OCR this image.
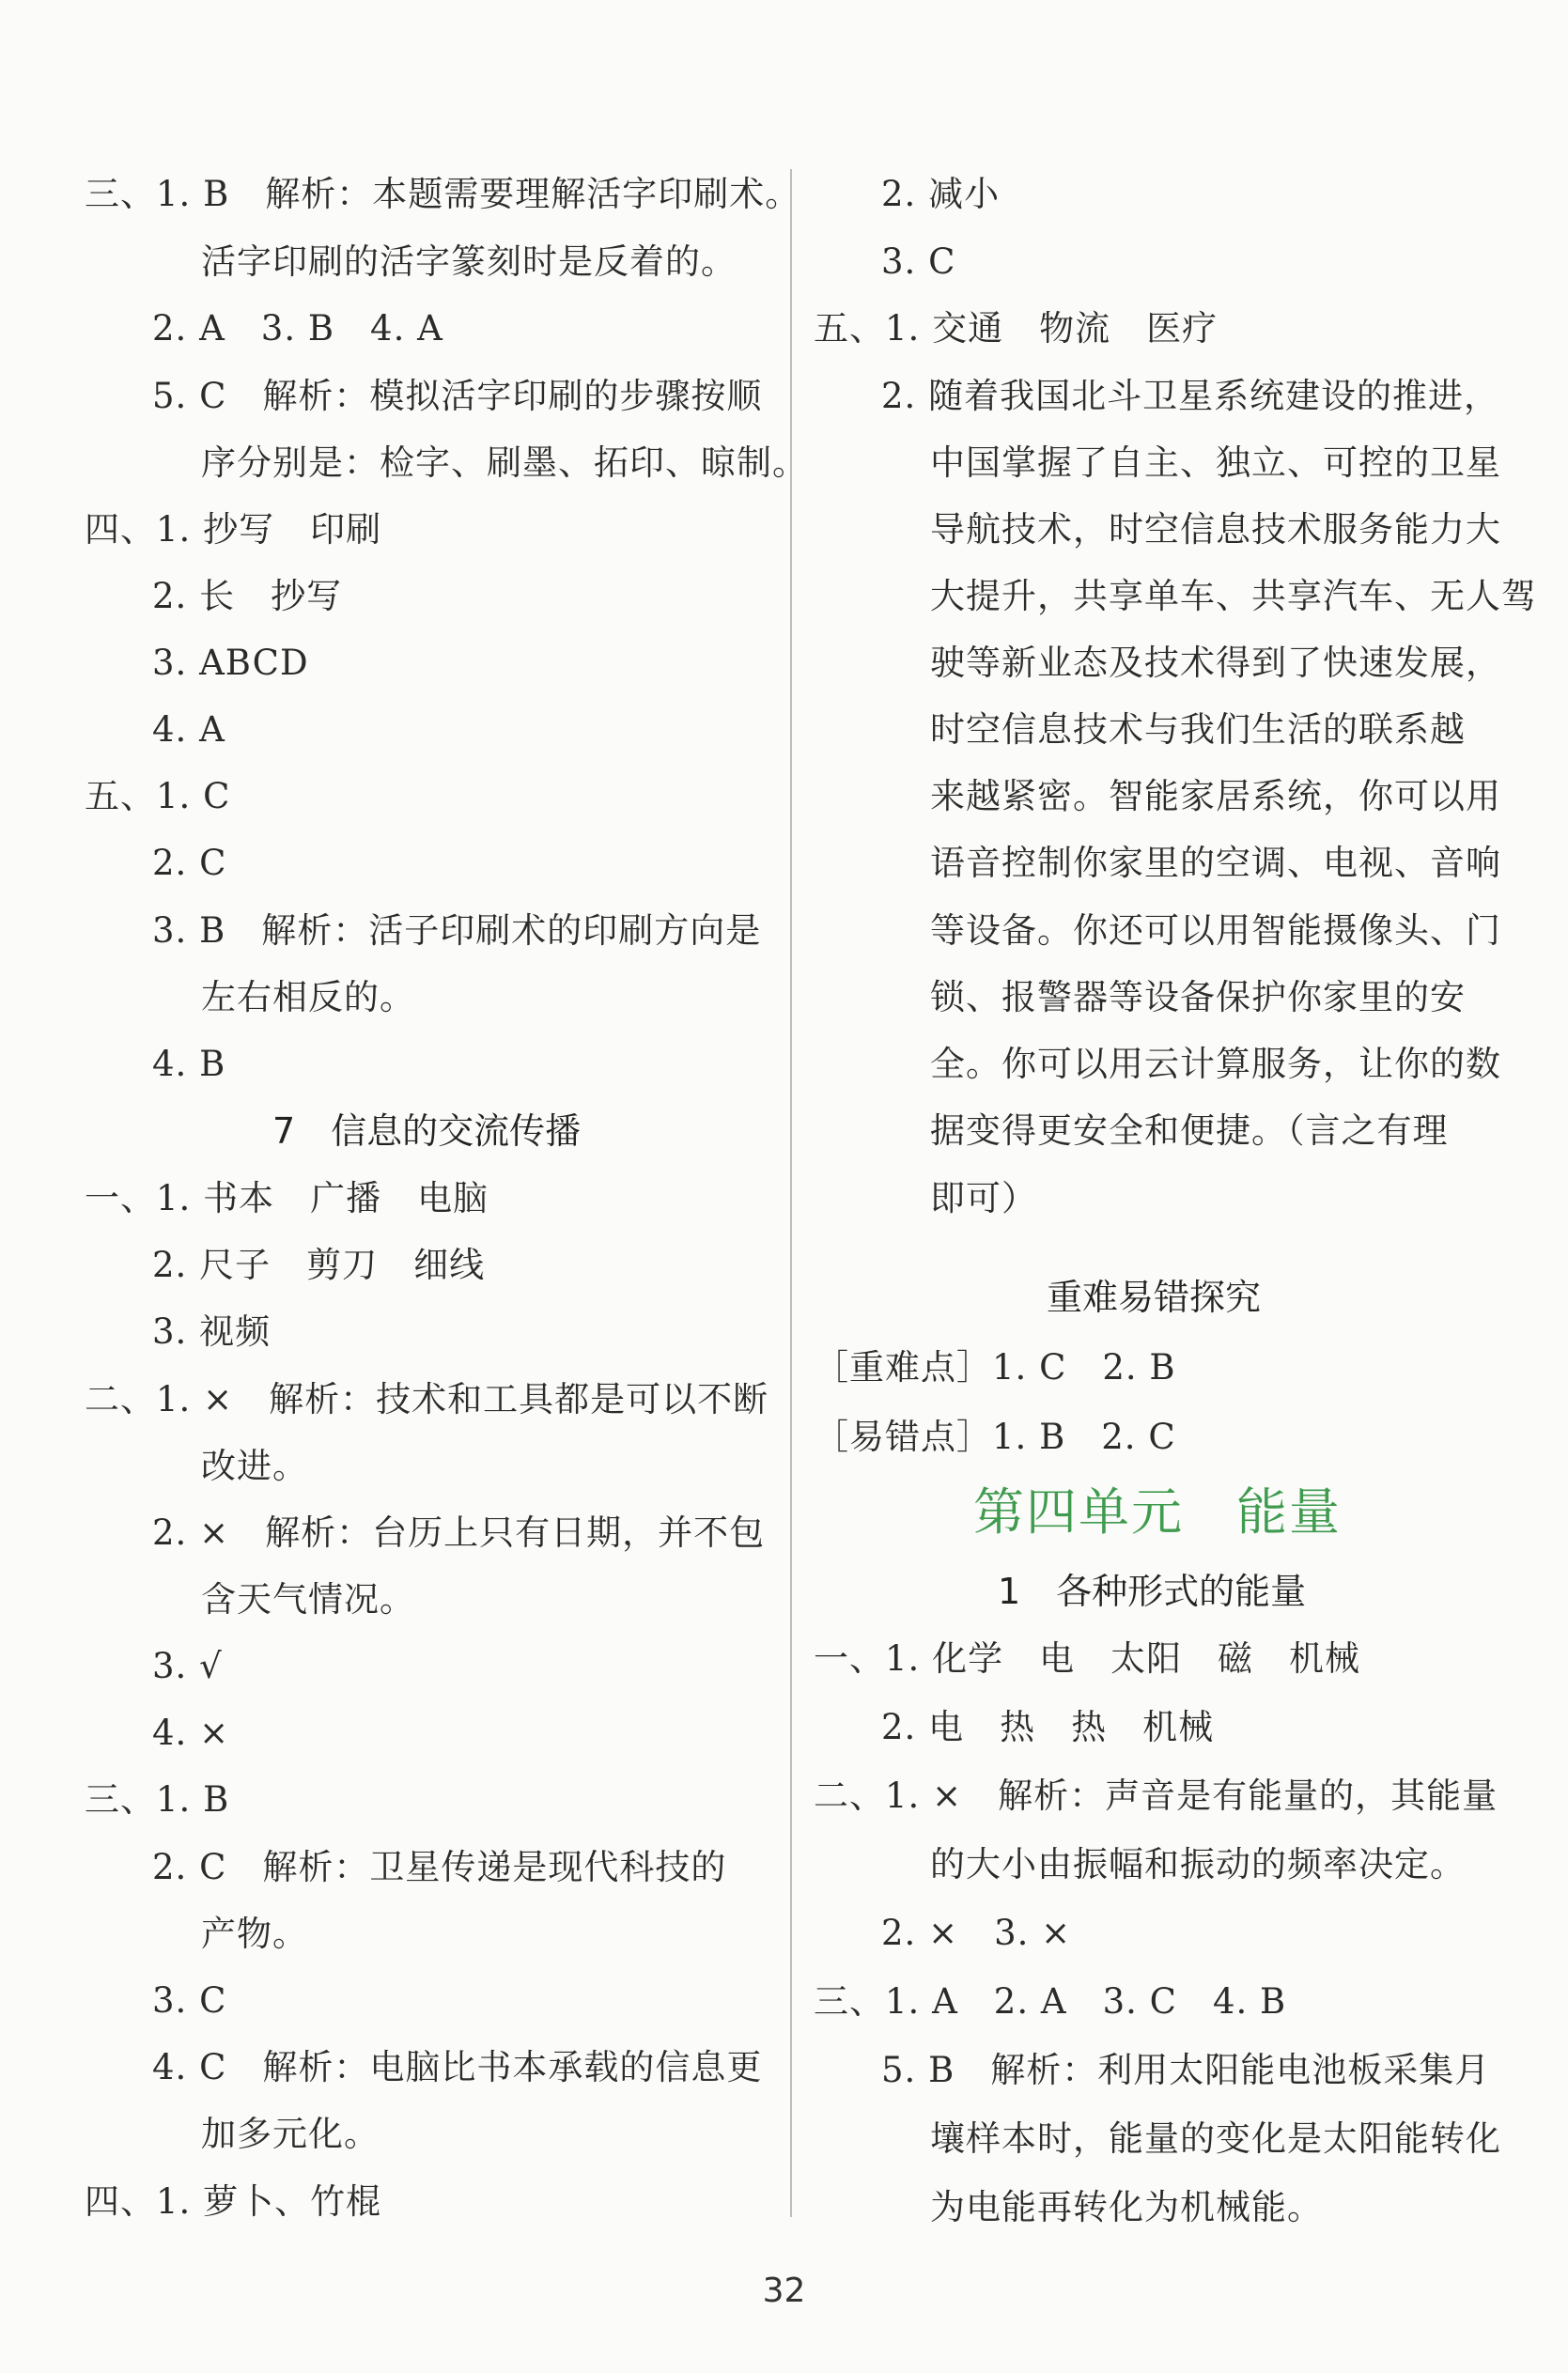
三、1. B　解析：本题需要理解活字印刷术。
活字印刷的活字篆刻时是反着的。
2. A　3. B　4. A
5. C　解析：模拟活字印刷的步骤按顺
序分别是：检字、刷墨、拓印、晾制。
四、1. 抄写　印刷
2. 长　抄写
3. ABCD
4. A
五、1. C
2. C
3. B　解析：活子印刷术的印刷方向是
左右相反的。
4. B
7　信息的交流传播
一、1. 书本　广播　电脑
2. 尺子　剪刀　细线
3. 视频
二、1. ×　解析：技术和工具都是可以不断
改进。
2. ×　解析：台历上只有日期，并不包
含天气情况。
3. √
4. ×
三、1. B
2. C　解析：卫星传递是现代科技的
产物。
3. C
4. C　解析：电脑比书本承载的信息更
加多元化。
四、1. 萝卜、竹棍
2. 减小
3. C
五、1. 交通　物流　医疗
2. 随着我国北斗卫星系统建设的推进，
中国掌握了自主、独立、可控的卫星
导航技术，时空信息技术服务能力大
大提升，共享单车、共享汽车、无人驾
驶等新业态及技术得到了快速发展，
时空信息技术与我们生活的联系越
来越紧密。智能家居系统，你可以用
语音控制你家里的空调、电视、音响
等设备。你还可以用智能摄像头、门
锁、报警器等设备保护你家里的安
全。你可以用云计算服务，让你的数
据变得更安全和便捷。（言之有理
即可）
重难易错探究
［重难点］1. C　2. B
［易错点］1. B　2. C
第四单元　能量
1　各种形式的能量
一、1. 化学　电　太阳　磁　机械
2. 电　热　热　机械
二、1. ×　解析：声音是有能量的，其能量
的大小由振幅和振动的频率决定。
2. ×　3. ×
三、1. A　2. A　3. C　4. B
5. B　解析：利用太阳能电池板采集月
壤样本时，能量的变化是太阳能转化
为电能再转化为机械能。
32
